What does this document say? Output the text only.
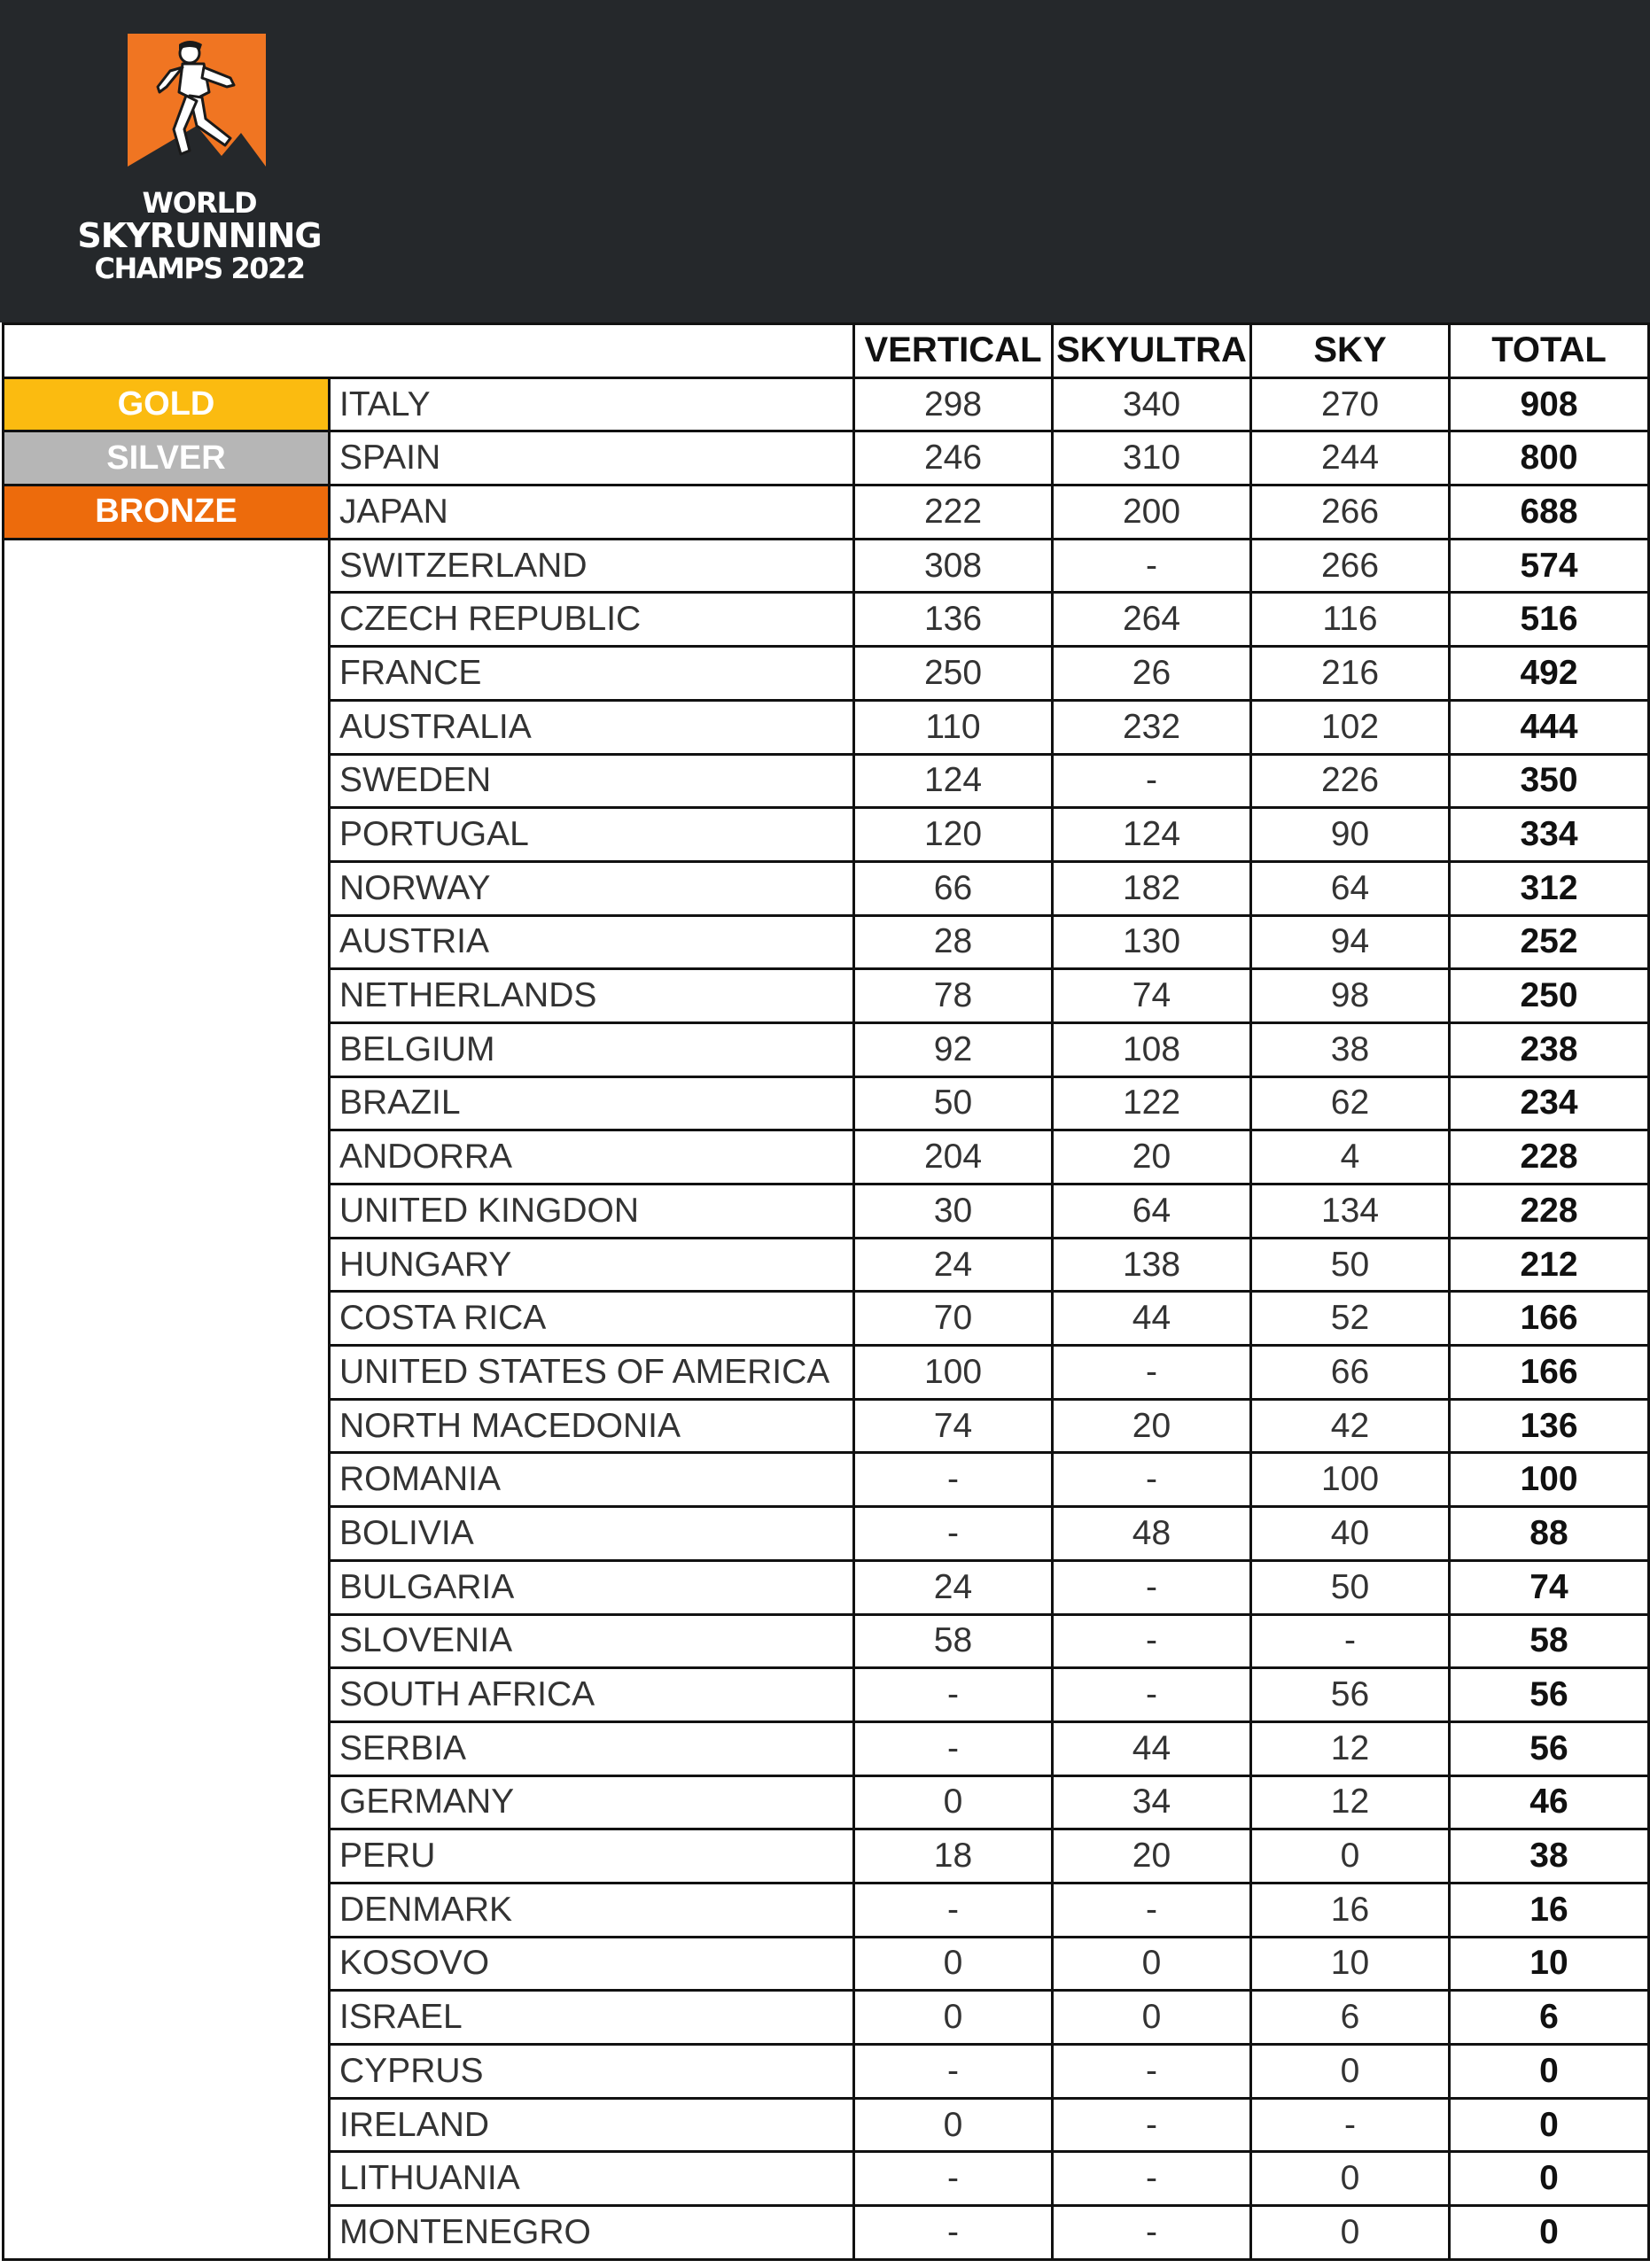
WORLD
SKYRUNNING
CHAMPS 2022
		VERTICAL	SKYULTRA	SKY	TOTAL
GOLD	ITALY	298	340	270	908
SILVER	SPAIN	246	310	244	800
BRONZE	JAPAN	222	200	266	688
	SWITZERLAND	308	-	266	574
	CZECH REPUBLIC	136	264	116	516
	FRANCE	250	26	216	492
	AUSTRALIA	110	232	102	444
	SWEDEN	124	-	226	350
	PORTUGAL	120	124	90	334
	NORWAY	66	182	64	312
	AUSTRIA	28	130	94	252
	NETHERLANDS	78	74	98	250
	BELGIUM	92	108	38	238
	BRAZIL	50	122	62	234
	ANDORRA	204	20	4	228
	UNITED KINGDON	30	64	134	228
	HUNGARY	24	138	50	212
	COSTA RICA	70	44	52	166
	UNITED STATES OF AMERICA	100	-	66	166
	NORTH MACEDONIA	74	20	42	136
	ROMANIA	-	-	100	100
	BOLIVIA	-	48	40	88
	BULGARIA	24	-	50	74
	SLOVENIA	58	-	-	58
	SOUTH AFRICA	-	-	56	56
	SERBIA	-	44	12	56
	GERMANY	0	34	12	46
	PERU	18	20	0	38
	DENMARK	-	-	16	16
	KOSOVO	0	0	10	10
	ISRAEL	0	0	6	6
	CYPRUS	-	-	0	0
	IRELAND	0	-	-	0
	LITHUANIA	-	-	0	0
	MONTENEGRO	-	-	0	0
